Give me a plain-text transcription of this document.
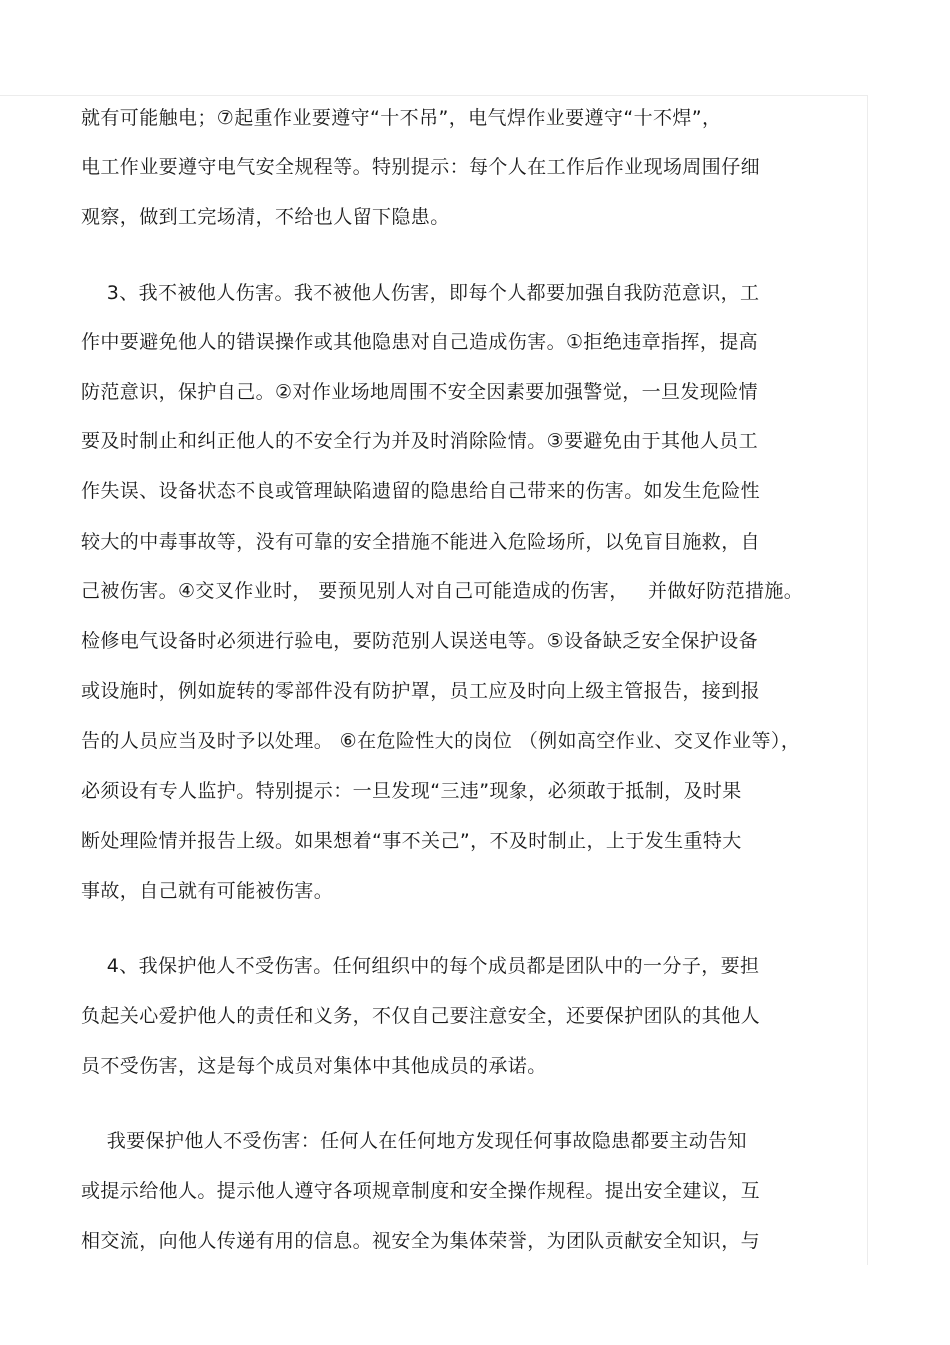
就有可能触电；⑦起重作业要遵守“十不吊”，电气焊作业要遵守“十不焊”，
电工作业要遵守电气安全规程等。特别提示：每个人在工作后作业现场周围仔细
观察，做到工完场清，不给也人留下隐患。
3、我不被他人伤害。我不被他人伤害，即每个人都要加强自我防范意识，工
作中要避免他人的错误操作或其他隐患对自己造成伤害。①拒绝违章指挥，提高
防范意识，保护自己。②对作业场地周围不安全因素要加强警觉，一旦发现险情
要及时制止和纠正他人的不安全行为并及时消除险情。③要避免由于其他人员工
作失误、设备状态不良或管理缺陷遗留的隐患给自己带来的伤害。如发生危险性
较大的中毒事故等，没有可靠的安全措施不能进入危险场所，以免盲目施救，自
己被伤害。④交叉作业时， 要预见别人对自己可能造成的伤害，   并做好防范措施。
检修电气设备时必须进行验电，要防范别人误送电等。⑤设备缺乏安全保护设备
或设施时，例如旋转的零部件没有防护罩，员工应及时向上级主管报告，接到报
告的人员应当及时予以处理。 ⑥在危险性大的岗位 （例如高空作业、交叉作业等），
必须设有专人监护。特别提示：一旦发现“三违”现象，必须敢于抵制，及时果
断处理险情并报告上级。如果想着“事不关己”，不及时制止，上于发生重特大
事故，自己就有可能被伤害。
4、我保护他人不受伤害。任何组织中的每个成员都是团队中的一分子，要担
负起关心爱护他人的责任和义务，不仅自己要注意安全，还要保护团队的其他人
员不受伤害，这是每个成员对集体中其他成员的承诺。
我要保护他人不受伤害：任何人在任何地方发现任何事故隐患都要主动告知
或提示给他人。提示他人遵守各项规章制度和安全操作规程。提出安全建议，互
相交流，向他人传递有用的信息。视安全为集体荣誉，为团队贡献安全知识，与
